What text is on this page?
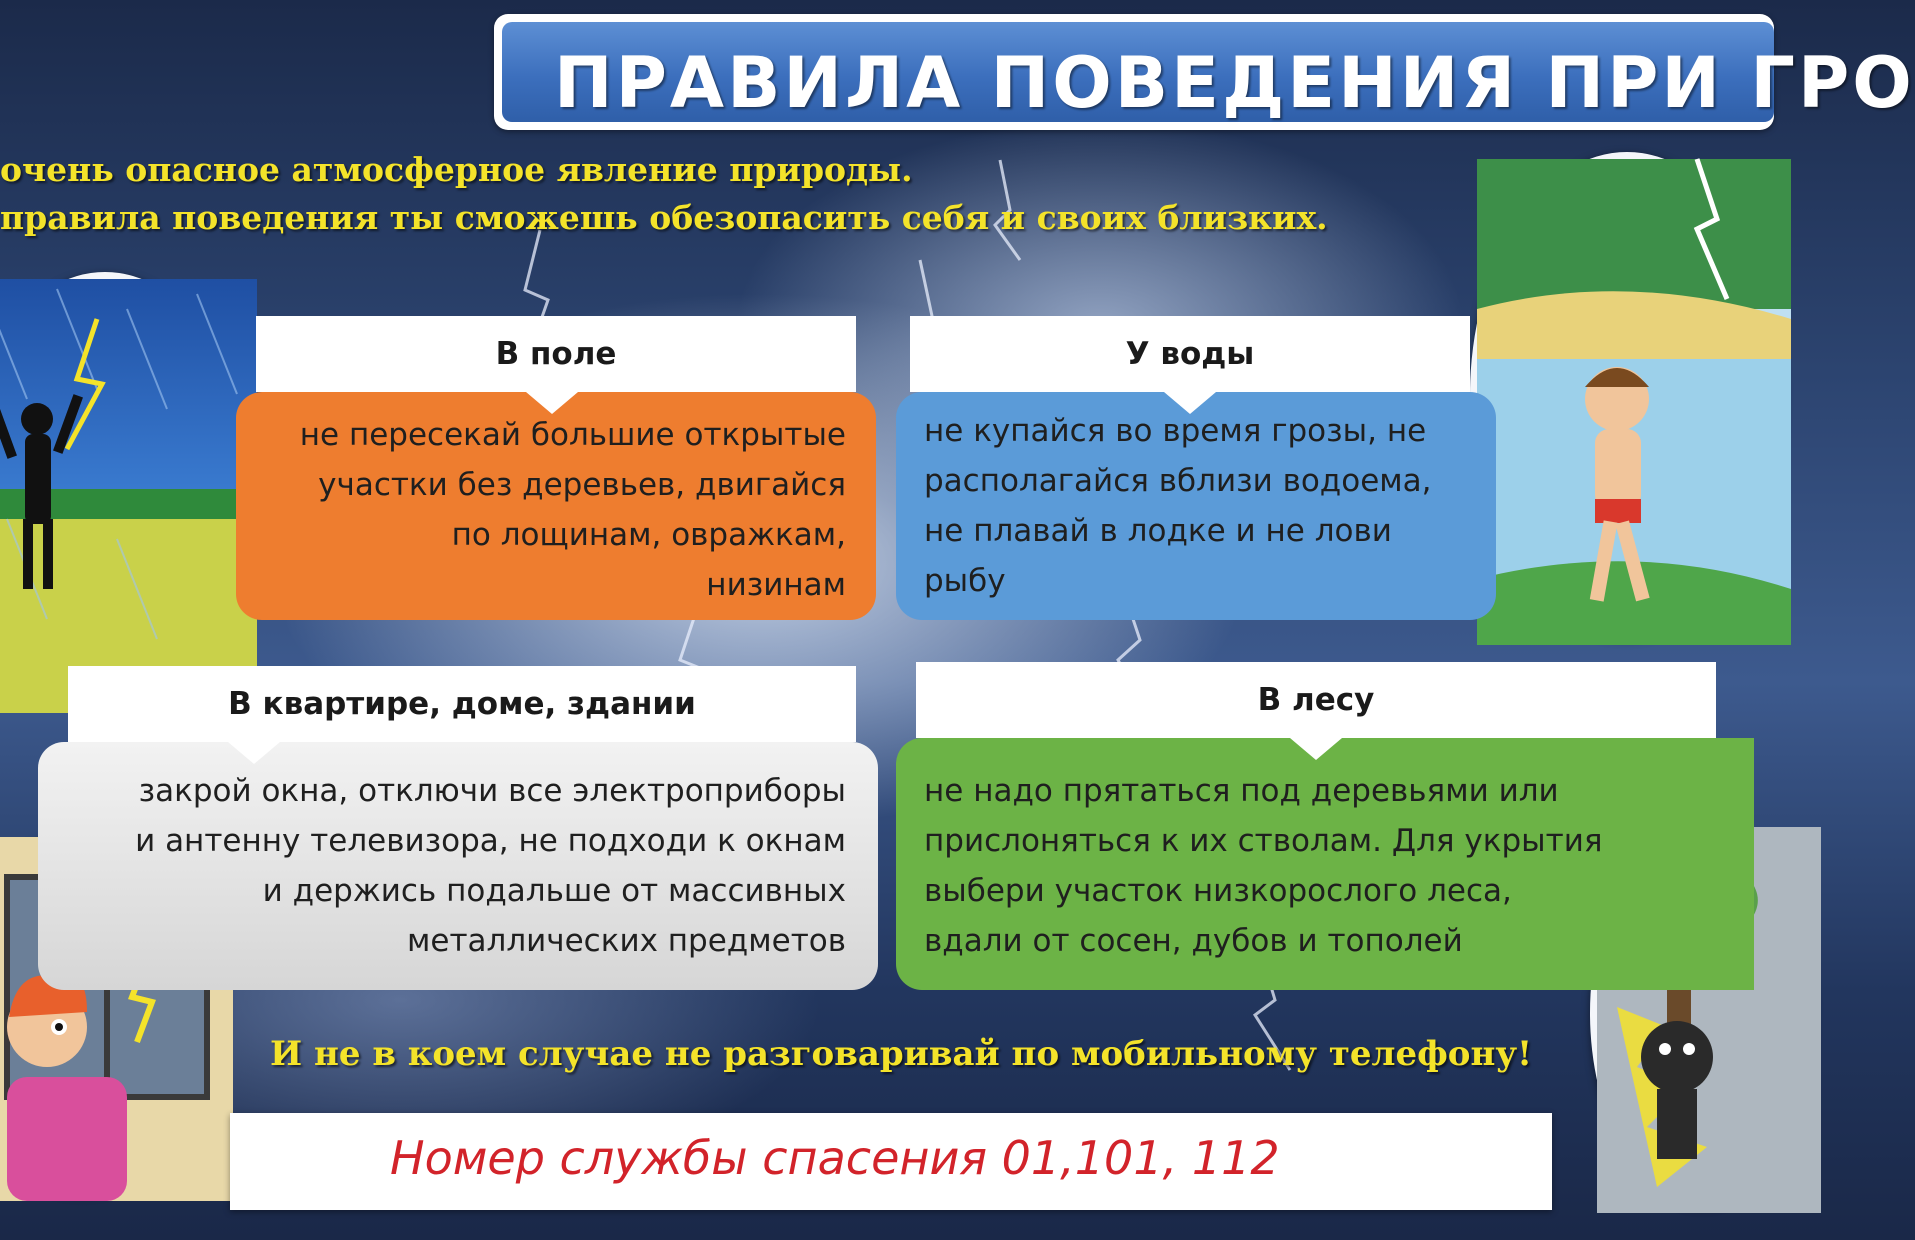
ПРАВИЛА ПОВЕДЕНИЯ ПРИ ГРО
очень опасное атмосферное явление природы.
правила поведения ты сможешь обезопасить себя и своих близких.
В поле
не пересекай большие открытые
участки без деревьев, двигайся
по лощинам, овражкам,
низинам
У воды
не купайся во время грозы, не
располагайся вблизи водоема,
не плавай в лодке и не лови
рыбу
В квартире, доме, здании
закрой окна, отключи все электроприборы
и антенну телевизора, не подходи к окнам
и держись подальше от массивных
металлических предметов
В лесу
не надо прятаться под деревьями или
прислоняться к их стволам. Для укрытия
выбери участок низкорослого леса,
вдали от сосен, дубов и тополей
И не в коем случае не разговаривай по мобильному телефону!
Номер службы спасения 01,101, 112
